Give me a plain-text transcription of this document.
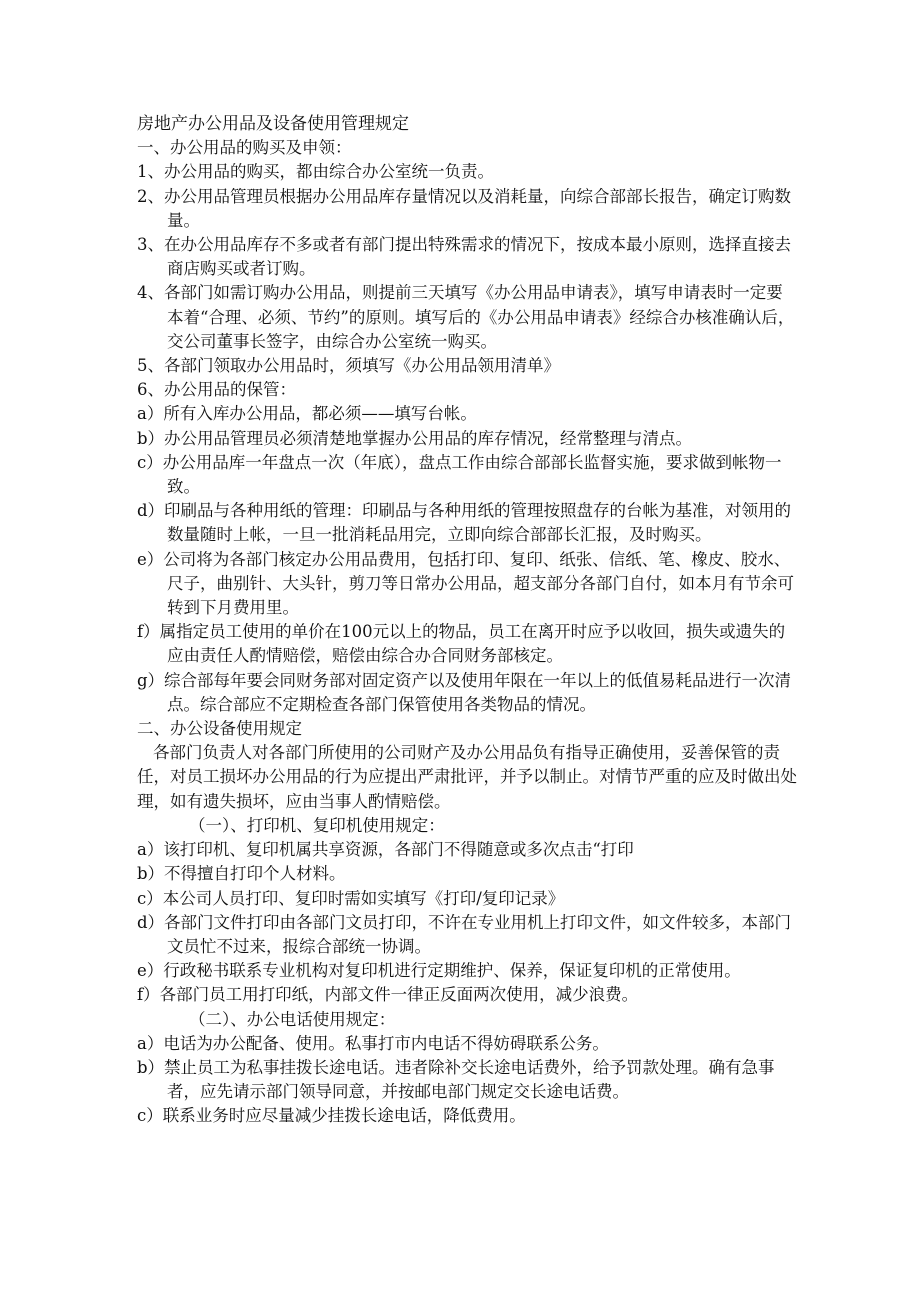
房地产办公用品及设备使用管理规定

一、办公用品的购买及申领：

1、办公用品的购买，都由综合办公室统一负责。

2、办公用品管理员根据办公用品库存量情况以及消耗量，向综合部部长报告，确定订购数量。

3、在办公用品库存不多或者有部门提出特殊需求的情况下，按成本最小原则，选择直接去商店购买或者订购。

4、各部门如需订购办公用品，则提前三天填写《办公用品申请表》，填写申请表时一定要本着“合理、必须、节约”的原则。填写后的《办公用品申请表》经综合办核准确认后，交公司董事长签字，由综合办公室统一购买。

5、各部门领取办公用品时，须填写《办公用品领用清单》

6、办公用品的保管：

a）所有入库办公用品，都必须——填写台帐。

b）办公用品管理员必须清楚地掌握办公用品的库存情况，经常整理与清点。

c）办公用品库一年盘点一次（年底），盘点工作由综合部部长监督实施，要求做到帐物一致。

d）印刷品与各种用纸的管理：印刷品与各种用纸的管理按照盘存的台帐为基准，对领用的数量随时上帐，一旦一批消耗品用完，立即向综合部部长汇报，及时购买。

e）公司将为各部门核定办公用品费用，包括打印、复印、纸张、信纸、笔、橡皮、胶水、尺子，曲别针、大头针，剪刀等日常办公用品，超支部分各部门自付，如本月有节余可转到下月费用里。

f）属指定员工使用的单价在100元以上的物品，员工在离开时应予以收回，损失或遗失的应由责任人酌情赔偿，赔偿由综合办合同财务部核定。

g）综合部每年要会同财务部对固定资产以及使用年限在一年以上的低值易耗品进行一次清点。综合部应不定期检查各部门保管使用各类物品的情况。

二、办公设备使用规定

各部门负责人对各部门所使用的公司财产及办公用品负有指导正确使用，妥善保管的责任，对员工损坏办公用品的行为应提出严肃批评，并予以制止。对情节严重的应及时做出处理，如有遗失损坏，应由当事人酌情赔偿。

（一）、打印机、复印机使用规定：

a）该打印机、复印机属共享资源，各部门不得随意或多次点击“打印

b）不得擅自打印个人材料。

c）本公司人员打印、复印时需如实填写《打印/复印记录》

d）各部门文件打印由各部门文员打印，不许在专业用机上打印文件，如文件较多，本部门文员忙不过来，报综合部统一协调。

e）行政秘书联系专业机构对复印机进行定期维护、保养，保证复印机的正常使用。

f）各部门员工用打印纸，内部文件一律正反面两次使用，减少浪费。

（二）、办公电话使用规定：

a）电话为办公配备、使用。私事打市内电话不得妨碍联系公务。

b）禁止员工为私事挂拨长途电话。违者除补交长途电话费外，给予罚款处理。确有急事者，应先请示部门领导同意，并按邮电部门规定交长途电话费。

c）联系业务时应尽量减少挂拨长途电话，降低费用。
